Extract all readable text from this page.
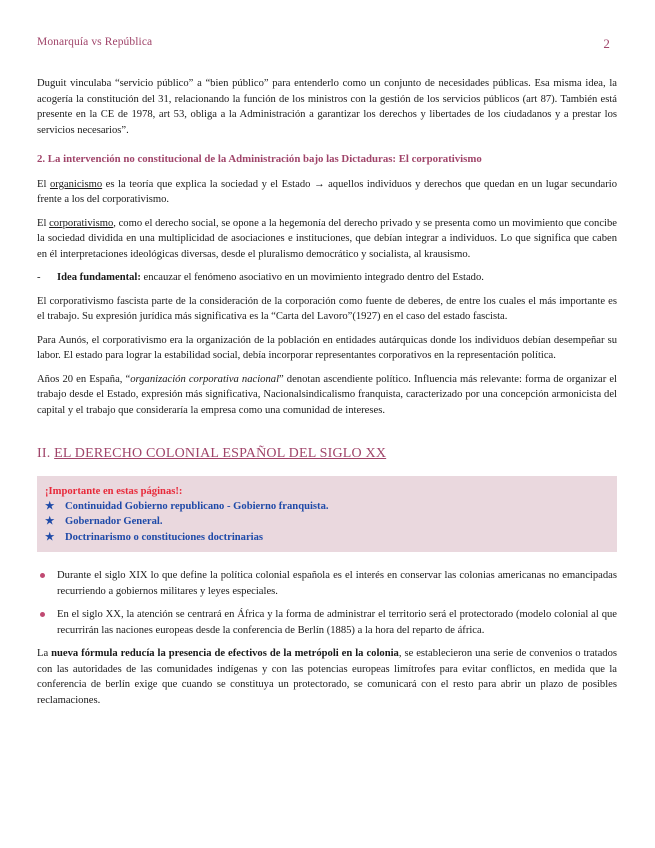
Monarquía vs República	2

Duguit vinculaba “servicio público” a “bien público” para entenderlo como un conjunto de necesidades públicas. Esa misma idea, la acogería la constitución del 31, relacionando la función de los ministros con la gestión de los servicios públicos (art 87). También está presente en la CE de 1978, art 53, obliga a la Administración a garantizar los derechos y libertades de los ciudadanos y a prestar los servicios necesarios”.

2. La intervención no constitucional de la Administración bajo las Dictaduras: El corporativismo

El organicismo es la teoría que explica la sociedad y el Estado → aquellos individuos y derechos que quedan en un lugar secundario frente a los del corporativismo.

El corporativismo, como el derecho social, se opone a la hegemonía del derecho privado y se presenta como un movimiento que concibe la sociedad dividida en una multiplicidad de asociaciones e instituciones, que debían integrar a individuos. Lo que significa que caben en él interpretaciones ideológicas diversas, desde el pluralismo democrático y socialista, al krausismo.

- Idea fundamental: encauzar el fenómeno asociativo en un movimiento integrado dentro del Estado.

El corporativismo fascista parte de la consideración de la corporación como fuente de deberes, de entre los cuales el más importante es el trabajo. Su expresión jurídica más significativa es la “Carta del Lavoro”(1927) en el caso del estado fascista.

Para Aunós, el corporativismo era la organización de la población en entidades autárquicas donde los individuos debían desempeñar su labor. El estado para lograr la estabilidad social, debía incorporar representantes corporativos en la representación política.

Años 20 en España, “organización corporativa nacional” denotan ascendiente político. Influencia más relevante: forma de organizar el trabajo desde el Estado, expresión más significativa, Nacionalsindicalismo franquista, caracterizado por una concepción armonicista del capital y el trabajo que consideraría la empresa como una comunidad de intereses.

II. EL DERECHO COLONIAL ESPAÑOL DEL SIGLO XX
¡Importante en estas páginas!:
★ Continuidad Gobierno republicano - Gobierno franquista.
★ Gobernador General.
★ Doctrinarismo o constituciones doctrinarias
Durante el siglo XIX lo que define la política colonial española es el interés en conservar las colonias americanas no emancipadas recurriendo a gobiernos militares y leyes especiales.
En el siglo XX, la atención se centrará en África y la forma de administrar el territorio será el protectorado (modelo colonial al que recurrirán las naciones europeas desde la conferencia de Berlín (1885) a la hora del reparto de áfrica.

La nueva fórmula reducía la presencia de efectivos de la metrópoli en la colonia, se establecieron una serie de convenios o tratados con las autoridades de las comunidades indígenas y con las potencias europeas limítrofes para evitar conflictos, en medida que la conferencia de berlín exige que cuando se constituya un protectorado, se comunicará con el resto para abrir un plazo de posibles reclamaciones.
